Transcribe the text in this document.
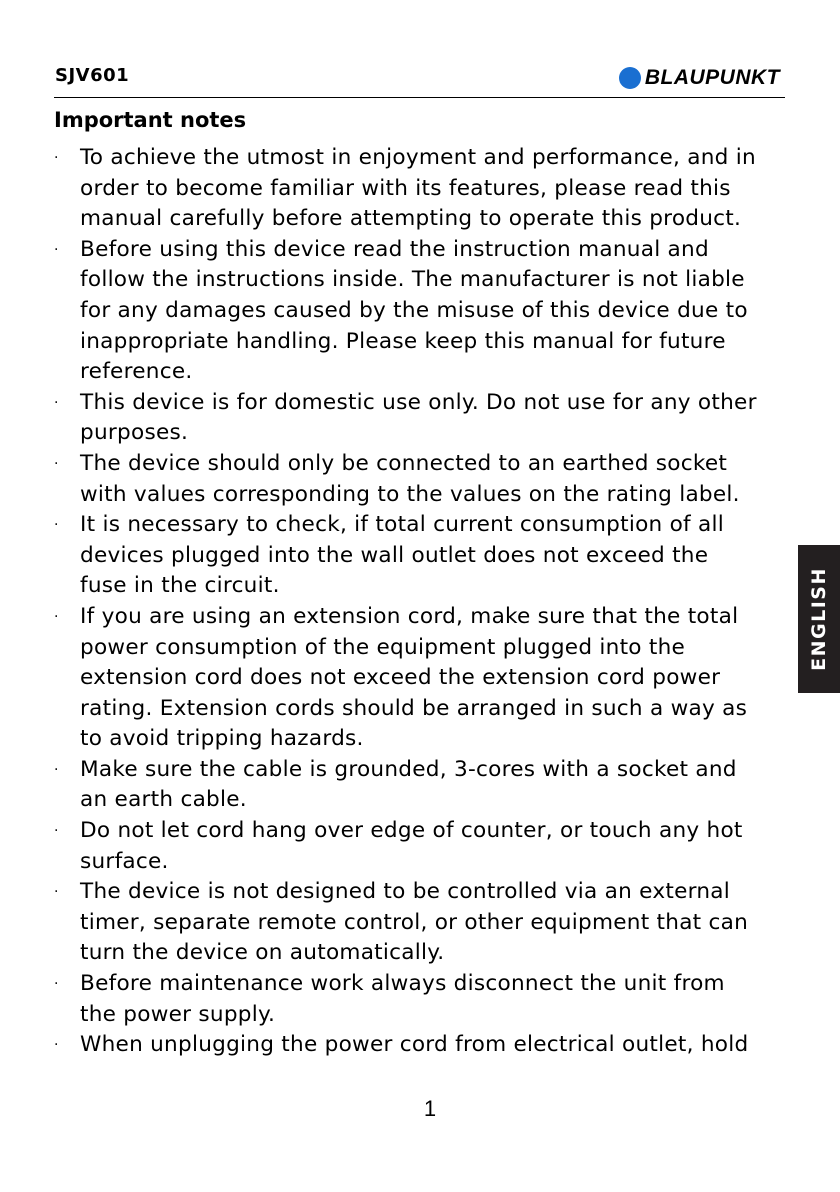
SJV601	BLAUPUNKT
Important notes
· To achieve the utmost in enjoyment and performance, and in
order to become familiar with its features, please read this
manual carefully before attempting to operate this product.
· Before using this device read the instruction manual and
follow the instructions inside. The manufacturer is not liable
for any damages caused by the misuse of this device due to
inappropriate handling. Please keep this manual for future
reference.
· This device is for domestic use only. Do not use for any other
purposes.
· The device should only be connected to an earthed socket
with values corresponding to the values on the rating label.
· It is necessary to check, if total current consumption of all
devices plugged into the wall outlet does not exceed the
fuse in the circuit.
· If you are using an extension cord, make sure that the total
power consumption of the equipment plugged into the
extension cord does not exceed the extension cord power
rating. Extension cords should be arranged in such a way as
to avoid tripping hazards.
· Make sure the cable is grounded, 3-cores with a socket and
an earth cable.
· Do not let cord hang over edge of counter, or touch any hot
surface.
· The device is not designed to be controlled via an external
timer, separate remote control, or other equipment that can
turn the device on automatically.
· Before maintenance work always disconnect the unit from
the power supply.
· When unplugging the power cord from electrical outlet, hold
ENGLISH
1
